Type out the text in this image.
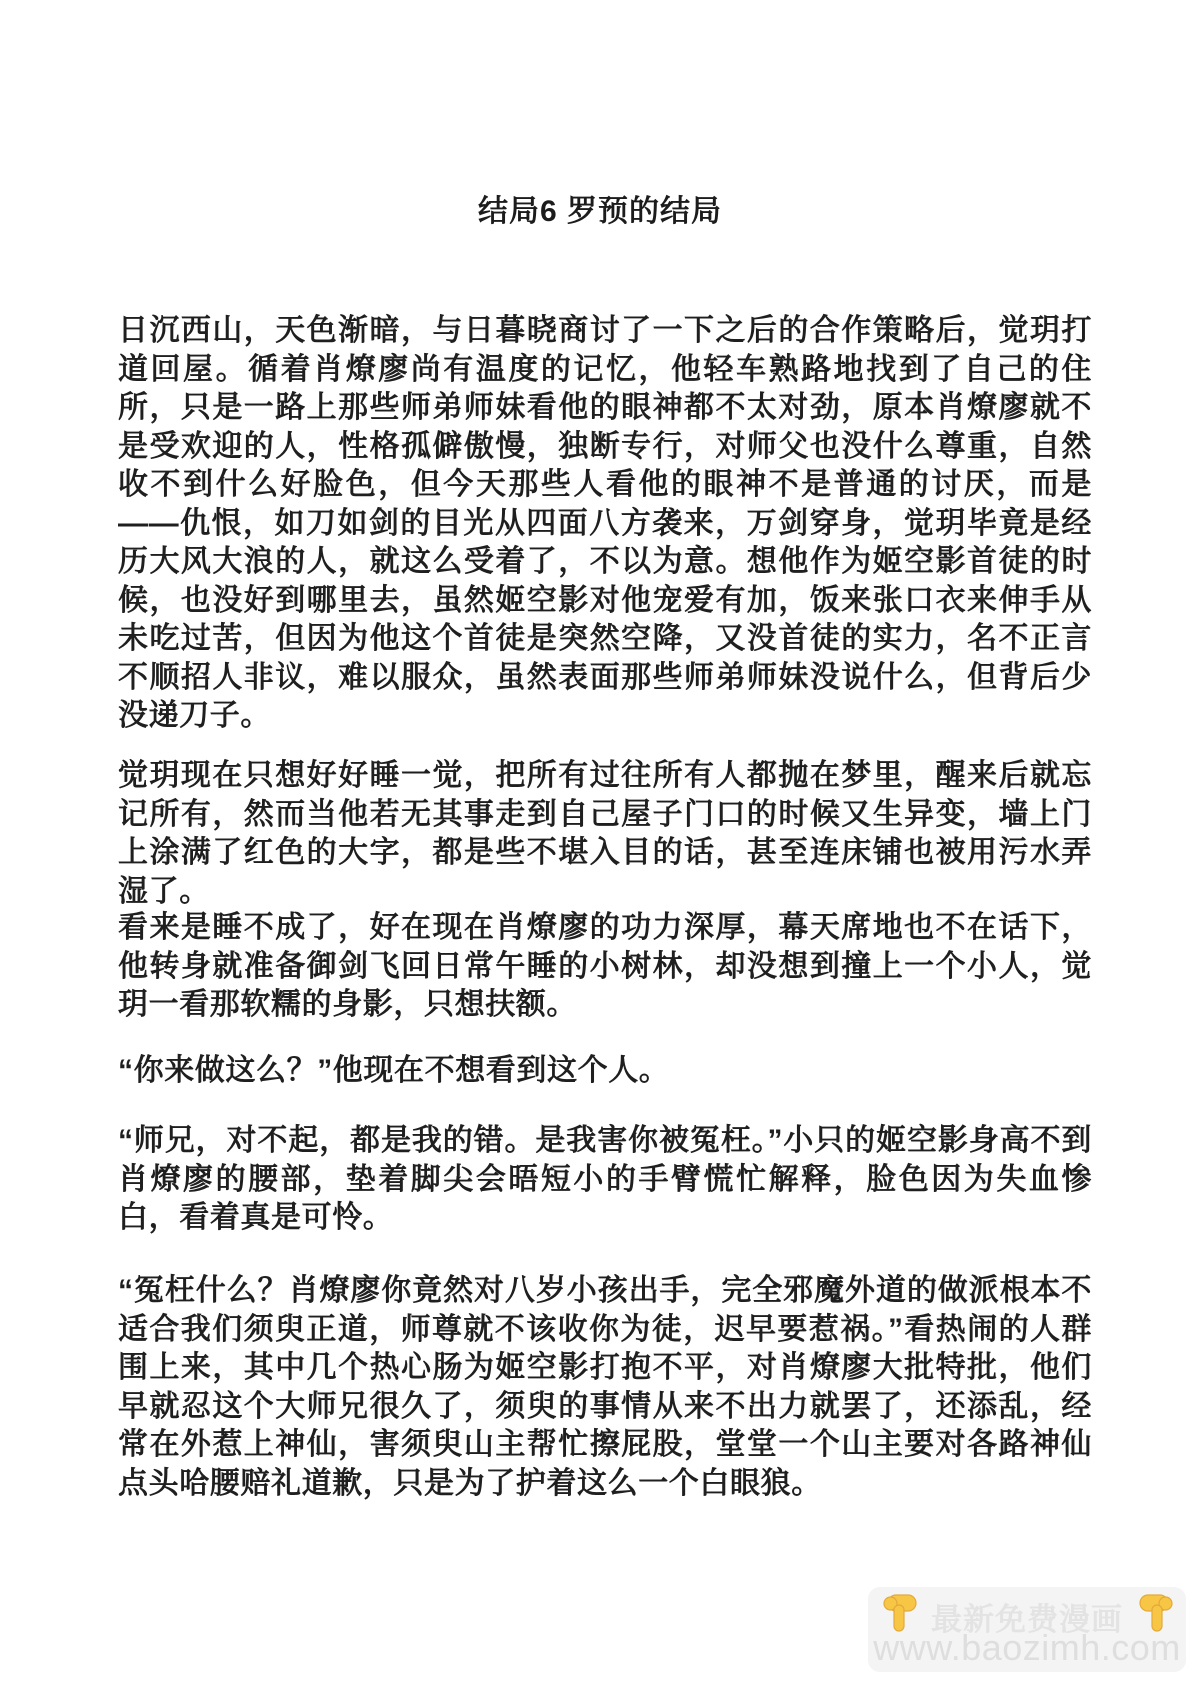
结局6 罗预的结局

日沉西山，天色渐暗，与日暮晓商讨了一下之后的合作策略后，觉玥打道回屋。循着肖燎廖尚有温度的记忆，他轻车熟路地找到了自己的住所，只是一路上那些师弟师妹看他的眼神都不太对劲，原本肖燎廖就不是受欢迎的人，性格孤僻傲慢，独断专行，对师父也没什么尊重，自然收不到什么好脸色，但今天那些人看他的眼神不是普通的讨厌，而是——仇恨，如刀如剑的目光从四面八方袭来，万剑穿身，觉玥毕竟是经历大风大浪的人，就这么受着了，不以为意。想他作为姬空影首徒的时候，也没好到哪里去，虽然姬空影对他宠爱有加，饭来张口衣来伸手从未吃过苦，但因为他这个首徒是突然空降，又没首徒的实力，名不正言不顺招人非议，难以服众，虽然表面那些师弟师妹没说什么，但背后少没递刀子。

觉玥现在只想好好睡一觉，把所有过往所有人都抛在梦里，醒来后就忘记所有，然而当他若无其事走到自己屋子门口的时候又生异变，墙上门上涂满了红色的大字，都是些不堪入目的话，甚至连床铺也被用污水弄湿了。

看来是睡不成了，好在现在肖燎廖的功力深厚，幕天席地也不在话下，他转身就准备御剑飞回日常午睡的小树林，却没想到撞上一个小人，觉玥一看那软糯的身影，只想扶额。

“你来做这么？”他现在不想看到这个人。

“师兄，对不起，都是我的错。是我害你被冤枉。”小只的姬空影身高不到肖燎廖的腰部，垫着脚尖会晤短小的手臂慌忙解释，脸色因为失血惨白，看着真是可怜。

“冤枉什么？肖燎廖你竟然对八岁小孩出手，完全邪魔外道的做派根本不适合我们须臾正道，师尊就不该收你为徒，迟早要惹祸。”看热闹的人群围上来，其中几个热心肠为姬空影打抱不平，对肖燎廖大批特批，他们早就忍这个大师兄很久了，须臾的事情从来不出力就罢了，还添乱，经常在外惹上神仙，害须臾山主帮忙擦屁股，堂堂一个山主要对各路神仙点头哈腰赔礼道歉，只是为了护着这么一个白眼狼。

最新免费漫画
www.baozimh.com
